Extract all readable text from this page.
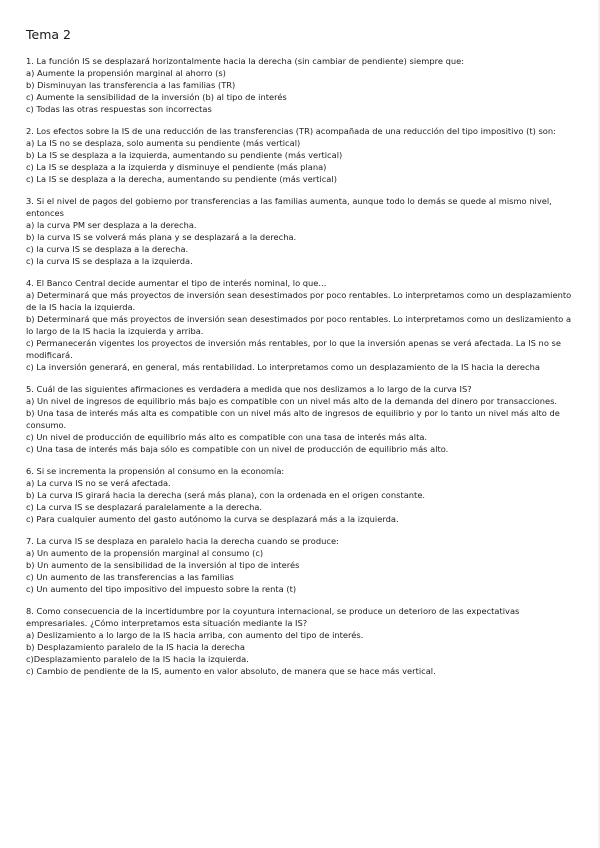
Tema 2

1. La función IS se desplazará horizontalmente hacia la derecha (sin cambiar de pendiente) siempre que:

a) Aumente la propensión marginal al ahorro (s)

b) Disminuyan las transferencia a las familias (TR)

c) Aumente la sensibilidad de la inversión (b) al tipo de interés

c) Todas las otras respuestas son incorrectas

2. Los efectos sobre la IS de una reducción de las transferencias (TR) acompañada de una reducción del tipo impositivo (t) son:

a) La IS no se desplaza, solo aumenta su pendiente (más vertical)

b) La IS se desplaza a la izquierda, aumentando su pendiente (más vertical)

c) La IS se desplaza a la izquierda y disminuye el pendiente (más plana)

c) La IS se desplaza a la derecha, aumentando su pendiente (más vertical)

3. Si el nivel de pagos del gobierno por transferencias a las familias aumenta, aunque todo lo demás se quede al mismo nivel, entonces

a) la curva PM ser desplaza a la derecha.

b) la curva IS se volverá más plana y se desplazará a la derecha.

c) la curva IS se desplaza a la derecha.

c) la curva IS se desplaza a la izquierda.

4. El Banco Central decide aumentar el tipo de interés nominal, lo que...

a) Determinará que más proyectos de inversión sean desestimados por poco rentables. Lo interpretamos como un desplazamiento de la IS hacia la izquierda.

b) Determinará que más proyectos de inversión sean desestimados por poco rentables. Lo interpretamos como un deslizamiento a lo largo de la IS hacia la izquierda y arriba.

c) Permanecerán vigentes los proyectos de inversión más rentables, por lo que la inversión apenas se verá afectada. La IS no se modificará.

c) La inversión generará, en general, más rentabilidad. Lo interpretamos como un desplazamiento de la IS hacia la derecha

5. Cuál de las siguientes afirmaciones es verdadera a medida que nos deslizamos a lo largo de la curva IS?

a) Un nivel de ingresos de equilibrio más bajo es compatible con un nivel más alto de la demanda del dinero por transacciones.

b) Una tasa de interés más alta es compatible con un nivel más alto de ingresos de equilibrio y por lo tanto un nivel más alto de consumo.

c) Un nivel de producción de equilibrio más alto es compatible con una tasa de interés más alta.

c) Una tasa de interés más baja sólo es compatible con un nivel de producción de equilibrio más alto.

6. Si se incrementa la propensión al consumo en la economía:

a) La curva IS no se verá afectada.

b) La curva IS girará hacia la derecha (será más plana), con la ordenada en el origen constante.

c) La curva IS se desplazará paralelamente a la derecha.

c) Para cualquier aumento del gasto autónomo la curva se desplazará más a la izquierda.

7. La curva IS se desplaza en paralelo hacia la derecha cuando se produce:

a) Un aumento de la propensión marginal al consumo (c)

b) Un aumento de la sensibilidad de la inversión al tipo de interés

c) Un aumento de las transferencias a las familias

c) Un aumento del tipo impositivo del impuesto sobre la renta (t)

8. Como consecuencia de la incertidumbre por la coyuntura internacional, se produce un deterioro de las expectativas empresariales. ¿Cómo interpretamos esta situación mediante la IS?

a) Deslizamiento a lo largo de la IS hacia arriba, con aumento del tipo de interés.

b) Desplazamiento paralelo de la IS hacia la derecha

c)Desplazamiento paralelo de la IS hacia la izquierda.

c) Cambio de pendiente de la IS, aumento en valor absoluto, de manera que se hace más vertical.
